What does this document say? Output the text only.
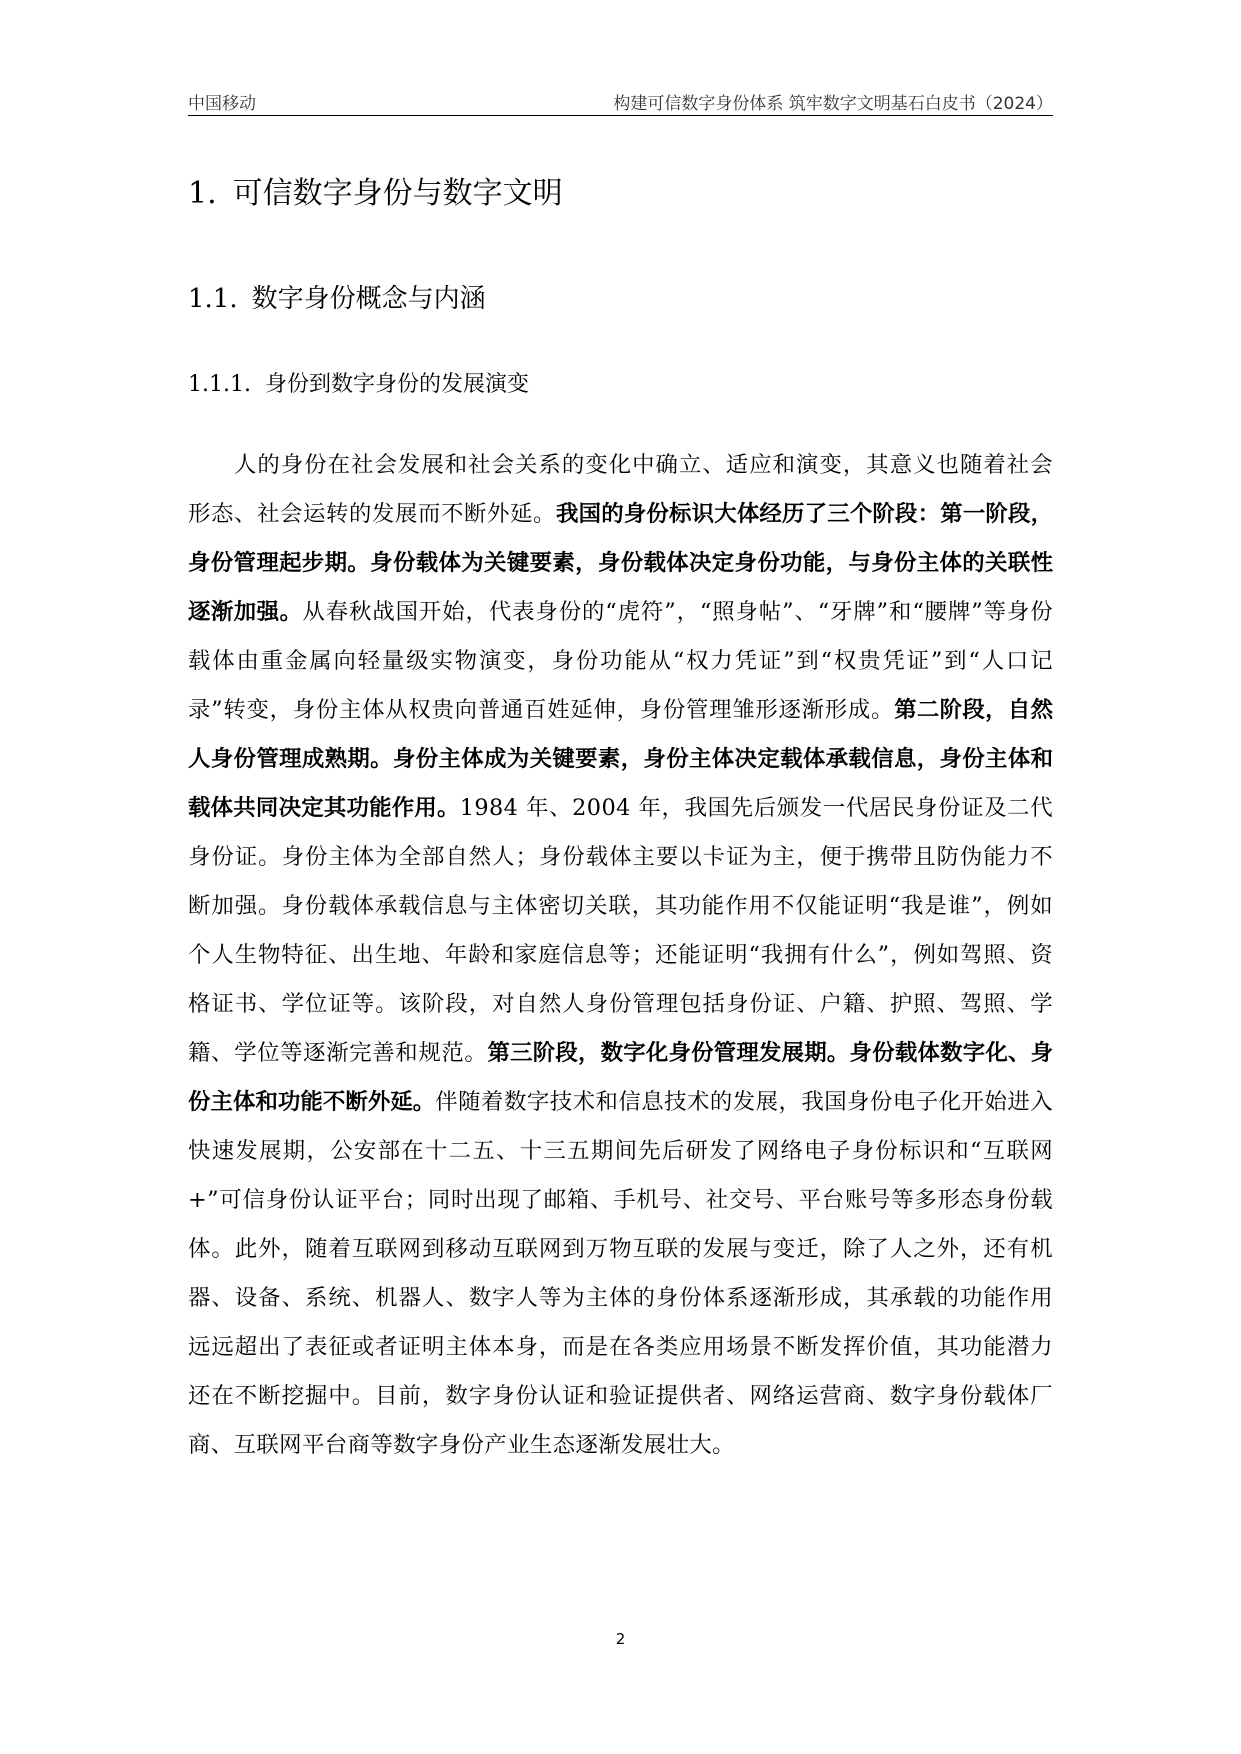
中国移动	构建可信数字身份体系 筑牢数字文明基石白皮书（2024）
1. 可信数字身份与数字文明
1.1. 数字身份概念与内涵
1.1.1. 身份到数字身份的发展演变

人的身份在社会发展和社会关系的变化中确立、适应和演变，其意义也随着社会形态、社会运转的发展而不断外延。我国的身份标识大体经历了三个阶段：第一阶段，身份管理起步期。身份载体为关键要素，身份载体决定身份功能，与身份主体的关联性逐渐加强。从春秋战国开始，代表身份的“虎符”，“照身帖”、“牙牌”和“腰牌”等身份载体由重金属向轻量级实物演变，身份功能从“权力凭证”到“权贵凭证”到“人口记录”转变，身份主体从权贵向普通百姓延伸，身份管理雏形逐渐形成。第二阶段，自然人身份管理成熟期。身份主体成为关键要素，身份主体决定载体承载信息，身份主体和载体共同决定其功能作用。1984 年、2004 年，我国先后颁发一代居民身份证及二代身份证。身份主体为全部自然人；身份载体主要以卡证为主，便于携带且防伪能力不断加强。身份载体承载信息与主体密切关联，其功能作用不仅能证明“我是谁”，例如个人生物特征、出生地、年龄和家庭信息等；还能证明“我拥有什么”，例如驾照、资格证书、学位证等。该阶段，对自然人身份管理包括身份证、户籍、护照、驾照、学籍、学位等逐渐完善和规范。第三阶段，数字化身份管理发展期。身份载体数字化、身份主体和功能不断外延。伴随着数字技术和信息技术的发展，我国身份电子化开始进入快速发展期，公安部在十二五、十三五期间先后研发了网络电子身份标识和“互联网+”可信身份认证平台；同时出现了邮箱、手机号、社交号、平台账号等多形态身份载体。此外，随着互联网到移动互联网到万物互联的发展与变迁，除了人之外，还有机器、设备、系统、机器人、数字人等为主体的身份体系逐渐形成，其承载的功能作用远远超出了表征或者证明主体本身，而是在各类应用场景不断发挥价值，其功能潜力还在不断挖掘中。目前，数字身份认证和验证提供者、网络运营商、数字身份载体厂商、互联网平台商等数字身份产业生态逐渐发展壮大。

2
